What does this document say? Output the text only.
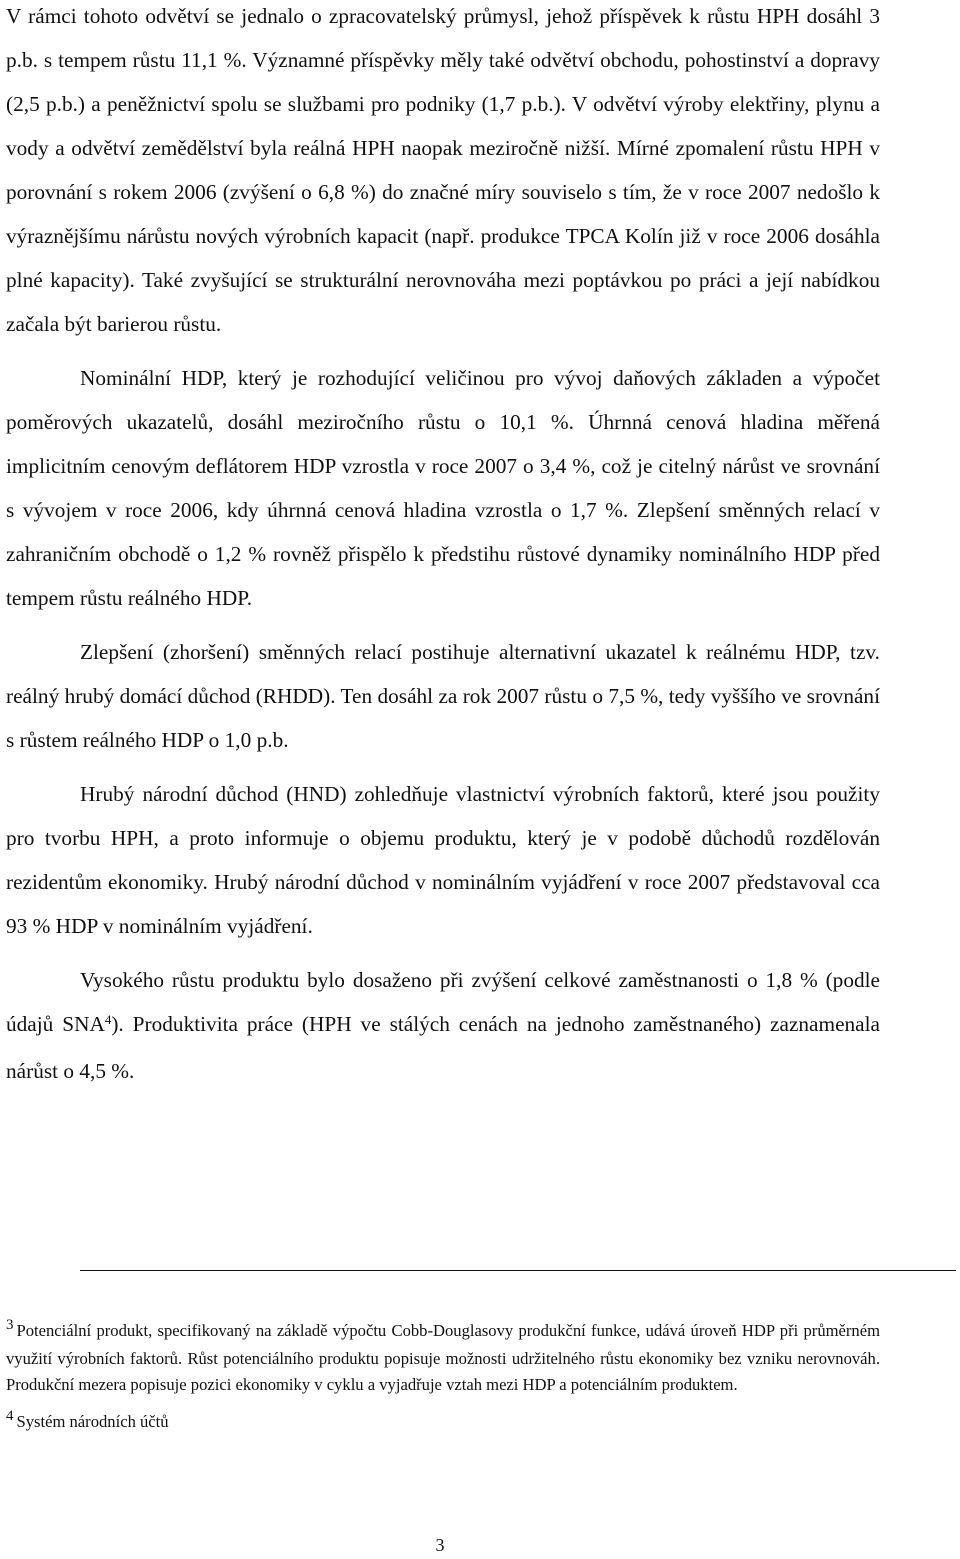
V rámci tohoto odvětví se jednalo o zpracovatelský průmysl, jehož příspěvek k růstu HPH dosáhl 3 p.b. s tempem růstu 11,1 %. Významné příspěvky měly také odvětví obchodu, pohostinství a dopravy (2,5 p.b.) a peněžnictví spolu se službami pro podniky (1,7 p.b.). V odvětví výroby elektřiny, plynu a vody a odvětví zemědělství byla reálná HPH naopak meziročně nižší. Mírné zpomalení růstu HPH v porovnání s rokem 2006 (zvýšení o 6,8 %) do značné míry souviselo s tím, že v roce 2007 nedošlo k výraznějšímu nárůstu nových výrobních kapacit (např. produkce TPCA Kolín již v roce 2006 dosáhla plné kapacity). Také zvyšující se strukturální nerovnováha mezi poptávkou po práci a její nabídkou začala být barierou růstu.

Nominální HDP, který je rozhodující veličinou pro vývoj daňových základen a výpočet poměrových ukazatelů, dosáhl meziročního růstu o 10,1 %. Úhrnná cenová hladina měřená implicitním cenovým deflátorem HDP vzrostla v roce 2007 o 3,4 %, což je citelný nárůst ve srovnání s vývojem v roce 2006, kdy úhrnná cenová hladina vzrostla o 1,7 %. Zlepšení směnných relací v zahraničním obchodě o 1,2 % rovněž přispělo k předstihu růstové dynamiky nominálního HDP před tempem růstu reálného HDP.

Zlepšení (zhoršení) směnných relací postihuje alternativní ukazatel k reálnému HDP, tzv. reálný hrubý domácí důchod (RHDD). Ten dosáhl za rok 2007 růstu o 7,5 %, tedy vyššího ve srovnání s růstem reálného HDP o 1,0 p.b.

Hrubý národní důchod (HND) zohledňuje vlastnictví výrobních faktorů, které jsou použity pro tvorbu HPH, a proto informuje o objemu produktu, který je v podobě důchodů rozdělován rezidentům ekonomiky. Hrubý národní důchod v nominálním vyjádření v roce 2007 představoval cca 93 % HDP v nominálním vyjádření.

Vysokého růstu produktu bylo dosaženo při zvýšení celkové zaměstnanosti o 1,8 % (podle údajů SNA$^4$). Produktivita práce (HPH ve stálých cenách na jednoho zaměstnaného) zaznamenala nárůst o 4,5 %.

3 Potenciální produkt, specifikovaný na základě výpočtu Cobb-Douglasovy produkční funkce, udává úroveň HDP při průměrném využití výrobních faktorů. Růst potenciálního produktu popisuje možnosti udržitelného růstu ekonomiky bez vzniku nerovnováh. Produkční mezera popisuje pozici ekonomiky v cyklu a vyjadřuje vztah mezi HDP a potenciálním produktem.

4 Systém národních účtů

3
